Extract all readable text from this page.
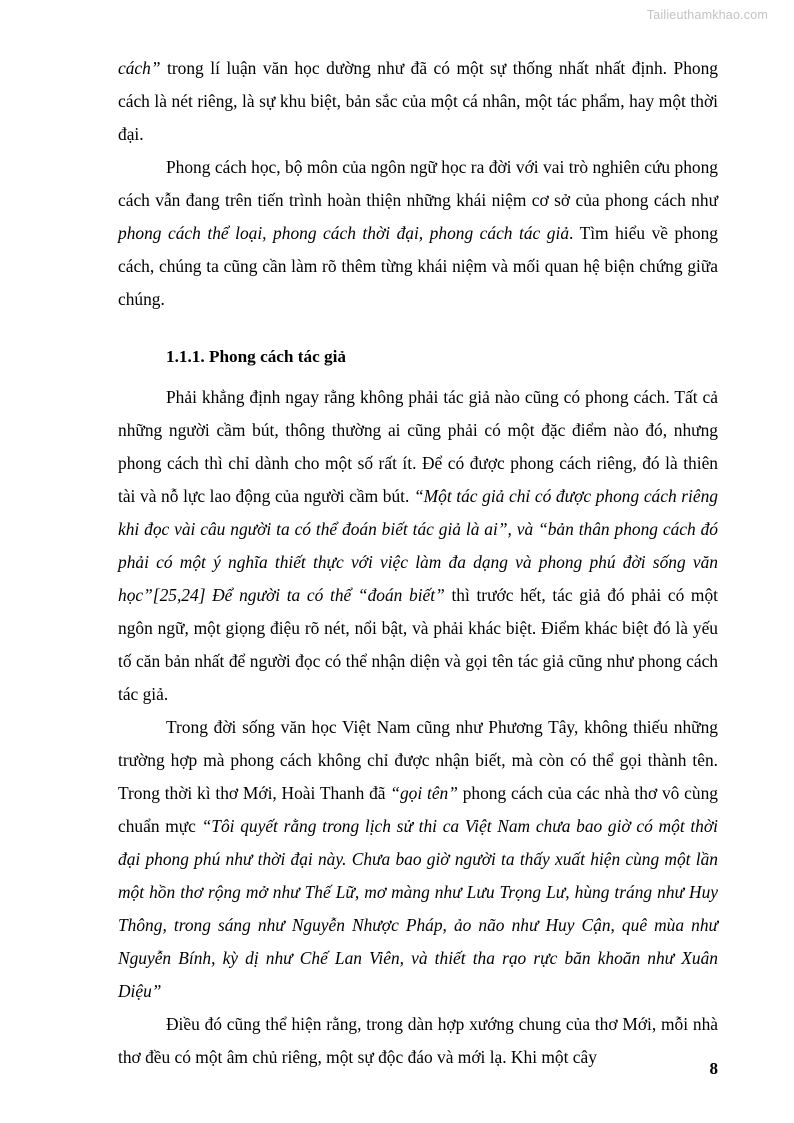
Tailieuthamkhao.com

cách” trong lí luận văn học dường như đã có một sự thống nhất nhất định. Phong cách là nét riêng, là sự khu biệt, bản sắc của một cá nhân, một tác phẩm, hay một thời đại.

Phong cách học, bộ môn của ngôn ngữ học ra đời với vai trò nghiên cứu phong cách vẫn đang trên tiến trình hoàn thiện những khái niệm cơ sở của phong cách như phong cách thể loại, phong cách thời đại, phong cách tác giả. Tìm hiểu về phong cách, chúng ta cũng cần làm rõ thêm từng khái niệm và mối quan hệ biện chứng giữa chúng.

1.1.1. Phong cách tác giả

Phải khẳng định ngay rằng không phải tác giả nào cũng có phong cách. Tất cả những người cầm bút, thông thường ai cũng phải có một đặc điểm nào đó, nhưng phong cách thì chỉ dành cho một số rất ít. Để có được phong cách riêng, đó là thiên tài và nỗ lực lao động của người cầm bút. “Một tác giả chỉ có được phong cách riêng khi đọc vài câu người ta có thể đoán biết tác giả là ai”, và “bản thân phong cách đó phải có một ý nghĩa thiết thực với việc làm đa dạng và phong phú đời sống văn học”[25,24] Để người ta có thể “đoán biết” thì trước hết, tác giả đó phải có một ngôn ngữ, một giọng điệu rõ nét, nổi bật, và phải khác biệt. Điểm khác biệt đó là yếu tố căn bản nhất để người đọc có thể nhận diện và gọi tên tác giả cũng như phong cách tác giả.

Trong đời sống văn học Việt Nam cũng như Phương Tây, không thiếu những trường hợp mà phong cách không chỉ được nhận biết, mà còn có thể gọi thành tên. Trong thời kì thơ Mới, Hoài Thanh đã “gọi tên” phong cách của các nhà thơ vô cùng chuẩn mực “Tôi quyết rằng trong lịch sử thi ca Việt Nam chưa bao giờ có một thời đại phong phú như thời đại này. Chưa bao giờ người ta thấy xuất hiện cùng một lần một hồn thơ rộng mở như Thế Lữ, mơ màng như Lưu Trọng Lư, hùng tráng như Huy Thông, trong sáng như Nguyễn Nhược Pháp, ảo não như Huy Cận, quê mùa như Nguyễn Bính, kỳ dị như Chế Lan Viên, và thiết tha rạo rực băn khoăn như Xuân Diệu”

Điều đó cũng thể hiện rằng, trong dàn hợp xướng chung của thơ Mới, mỗi nhà thơ đều có một âm chủ riêng, một sự độc đáo và mới lạ. Khi một cây

8
